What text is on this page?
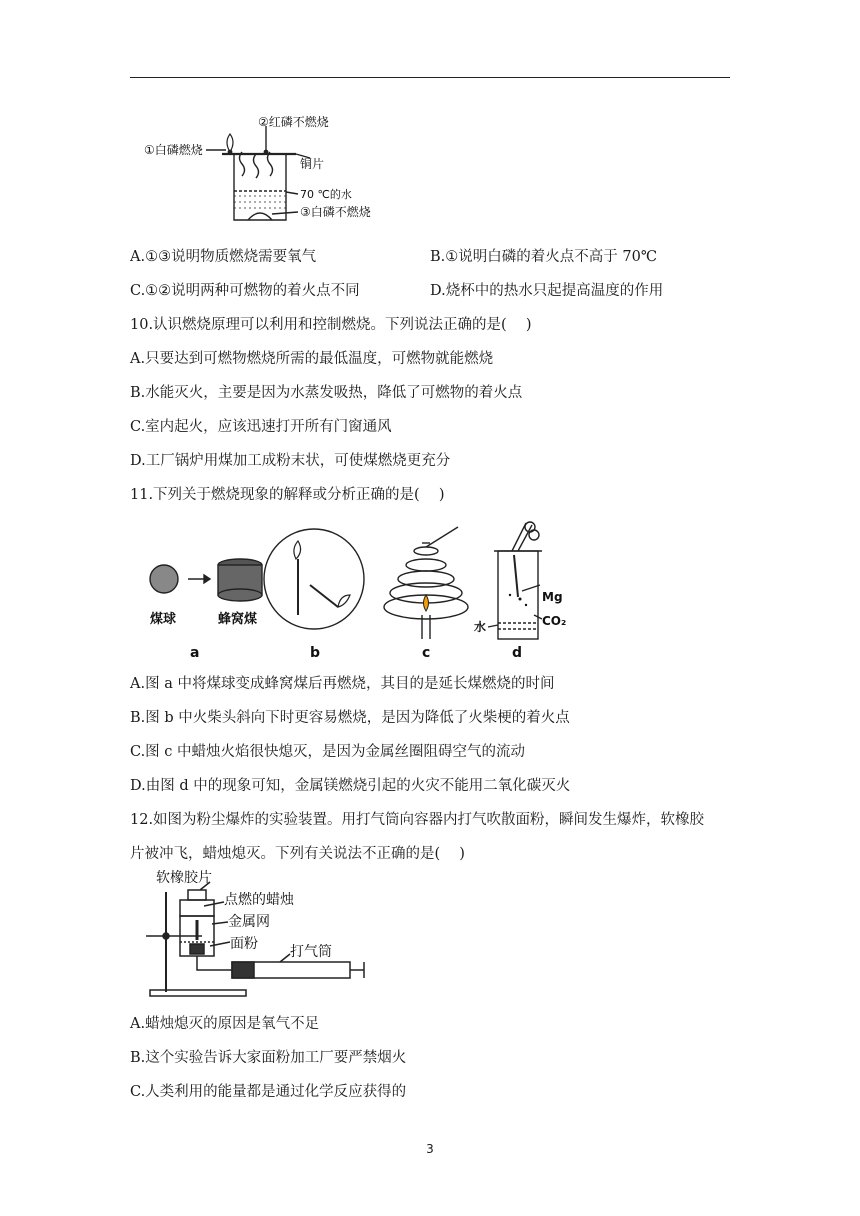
①白磷燃烧
②红磷不燃烧
铜片
70 ℃的水
③白磷不燃烧
A.①③说明物质燃烧需要氧气	B.①说明白磷的着火点不高于 70℃
C.①②说明两种可燃物的着火点不同	D.烧杯中的热水只起提高温度的作用
10.认识燃烧原理可以利用和控制燃烧。下列说法正确的是(　 )
A.只要达到可燃物燃烧所需的最低温度，可燃物就能燃烧
B.水能灭火，主要是因为水蒸发吸热，降低了可燃物的着火点
C.室内起火，应该迅速打开所有门窗通风
D.工厂锅炉用煤加工成粉末状，可使煤燃烧更充分
11.下列关于燃烧现象的解释或分析正确的是(　 )
煤球	蜂窝煤
Mg
水	CO₂
a	b	c	d
A.图 a 中将煤球变成蜂窝煤后再燃烧，其目的是延长煤燃烧的时间
B.图 b 中火柴头斜向下时更容易燃烧，是因为降低了火柴梗的着火点
C.图 c 中蜡烛火焰很快熄灭，是因为金属丝圈阻碍空气的流动
D.由图 d 中的现象可知，金属镁燃烧引起的火灾不能用二氧化碳灭火
12.如图为粉尘爆炸的实验装置。用打气筒向容器内打气吹散面粉，瞬间发生爆炸，软橡胶
片被冲飞，蜡烛熄灭。下列有关说法不正确的是(　 )
软橡胶片
点燃的蜡烛
金属网
面粉 打气筒
A.蜡烛熄灭的原因是氧气不足
B.这个实验告诉大家面粉加工厂要严禁烟火
C.人类利用的能量都是通过化学反应获得的
3
